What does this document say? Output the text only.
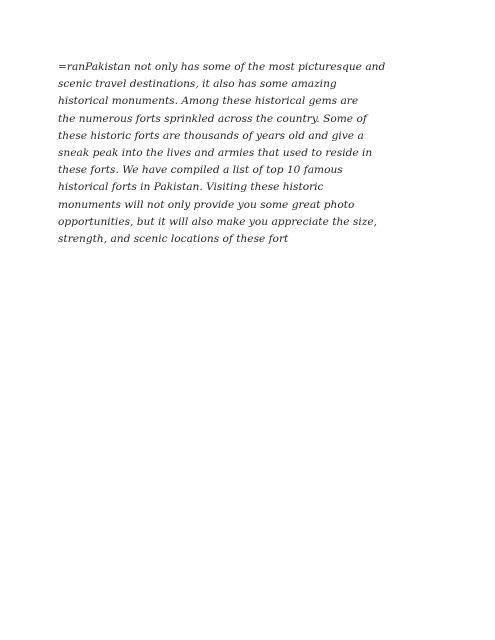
=ranPakistan not only has some of the most picturesque and
scenic travel destinations, it also has some amazing
historical monuments. Among these historical gems are
the numerous forts sprinkled across the country. Some of
these historic forts are thousands of years old and give a
sneak peak into the lives and armies that used to reside in
these forts. We have compiled a list of top 10 famous
historical forts in Pakistan. Visiting these historic
monuments will not only provide you some great photo
opportunities, but it will also make you appreciate the size,
strength, and scenic locations of these fort
